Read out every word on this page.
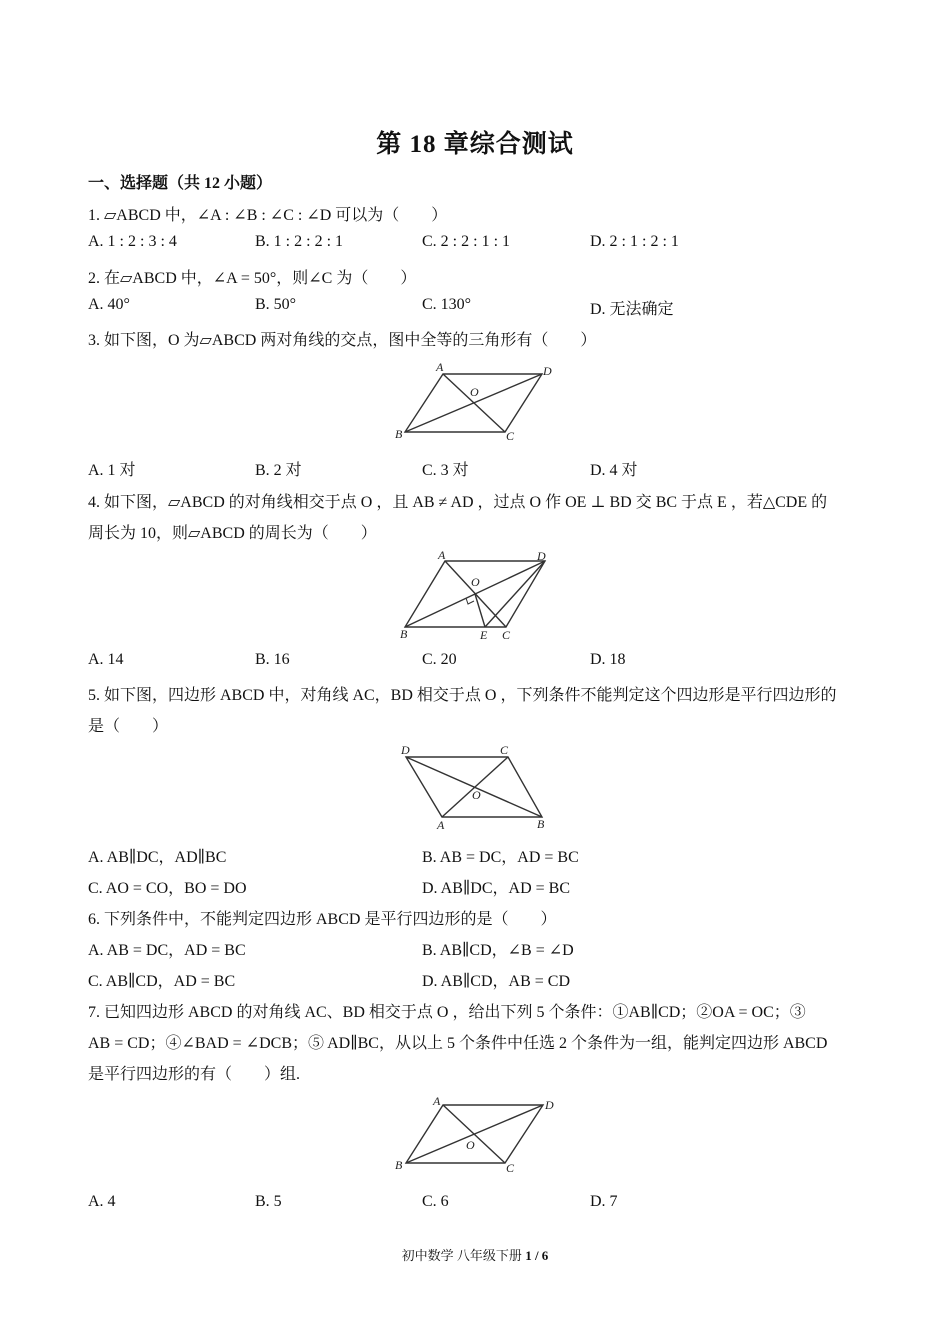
第 18 章综合测试
一、选择题（共 12 小题）
1. ▱ABCD 中，∠A : ∠B : ∠C : ∠D 可以为（　　）
A. 1 : 2 : 3 : 4	B. 1 : 2 : 2 : 1	C. 2 : 2 : 1 : 1	D. 2 : 1 : 2 : 1
2. 在▱ABCD 中，∠A = 50°，则∠C 为（　　）
A. 40°	B. 50°	C. 130°	D. 无法确定
3. 如下图，O 为▱ABCD 两对角线的交点，图中全等的三角形有（　　）
A	D
O
B	C
A. 1 对	B. 2 对	C. 3 对	D. 4 对
4. 如下图，▱ABCD 的对角线相交于点 O ，且 AB ≠ AD ，过点 O 作 OE ⊥ BD 交 BC 于点 E ，若△CDE 的
周长为 10，则▱ABCD 的周长为（　　）
A	D
O
B	E C
A. 14	B. 16	C. 20	D. 18
5. 如下图，四边形 ABCD 中，对角线 AC，BD 相交于点 O ，下列条件不能判定这个四边形是平行四边形的
是（　　）
D	C
O
A	B
A. AB∥DC，AD∥BC	B. AB = DC，AD = BC
C. AO = CO，BO = DO	D. AB∥DC，AD = BC
6. 下列条件中，不能判定四边形 ABCD 是平行四边形的是（　　）
A. AB = DC，AD = BC	B. AB∥CD，∠B = ∠D
C. AB∥CD，AD = BC	D. AB∥CD，AB = CD
7. 已知四边形 ABCD 的对角线 AC、BD 相交于点 O ，给出下列 5 个条件：①AB∥CD；②OA = OC；③
AB = CD；④∠BAD = ∠DCB；⑤ AD∥BC，从以上 5 个条件中任选 2 个条件为一组，能判定四边形 ABCD
是平行四边形的有（　　）组.
A	D
O
B	C
A. 4	B. 5	C. 6	D. 7
初中数学 八年级下册 1 / 6
